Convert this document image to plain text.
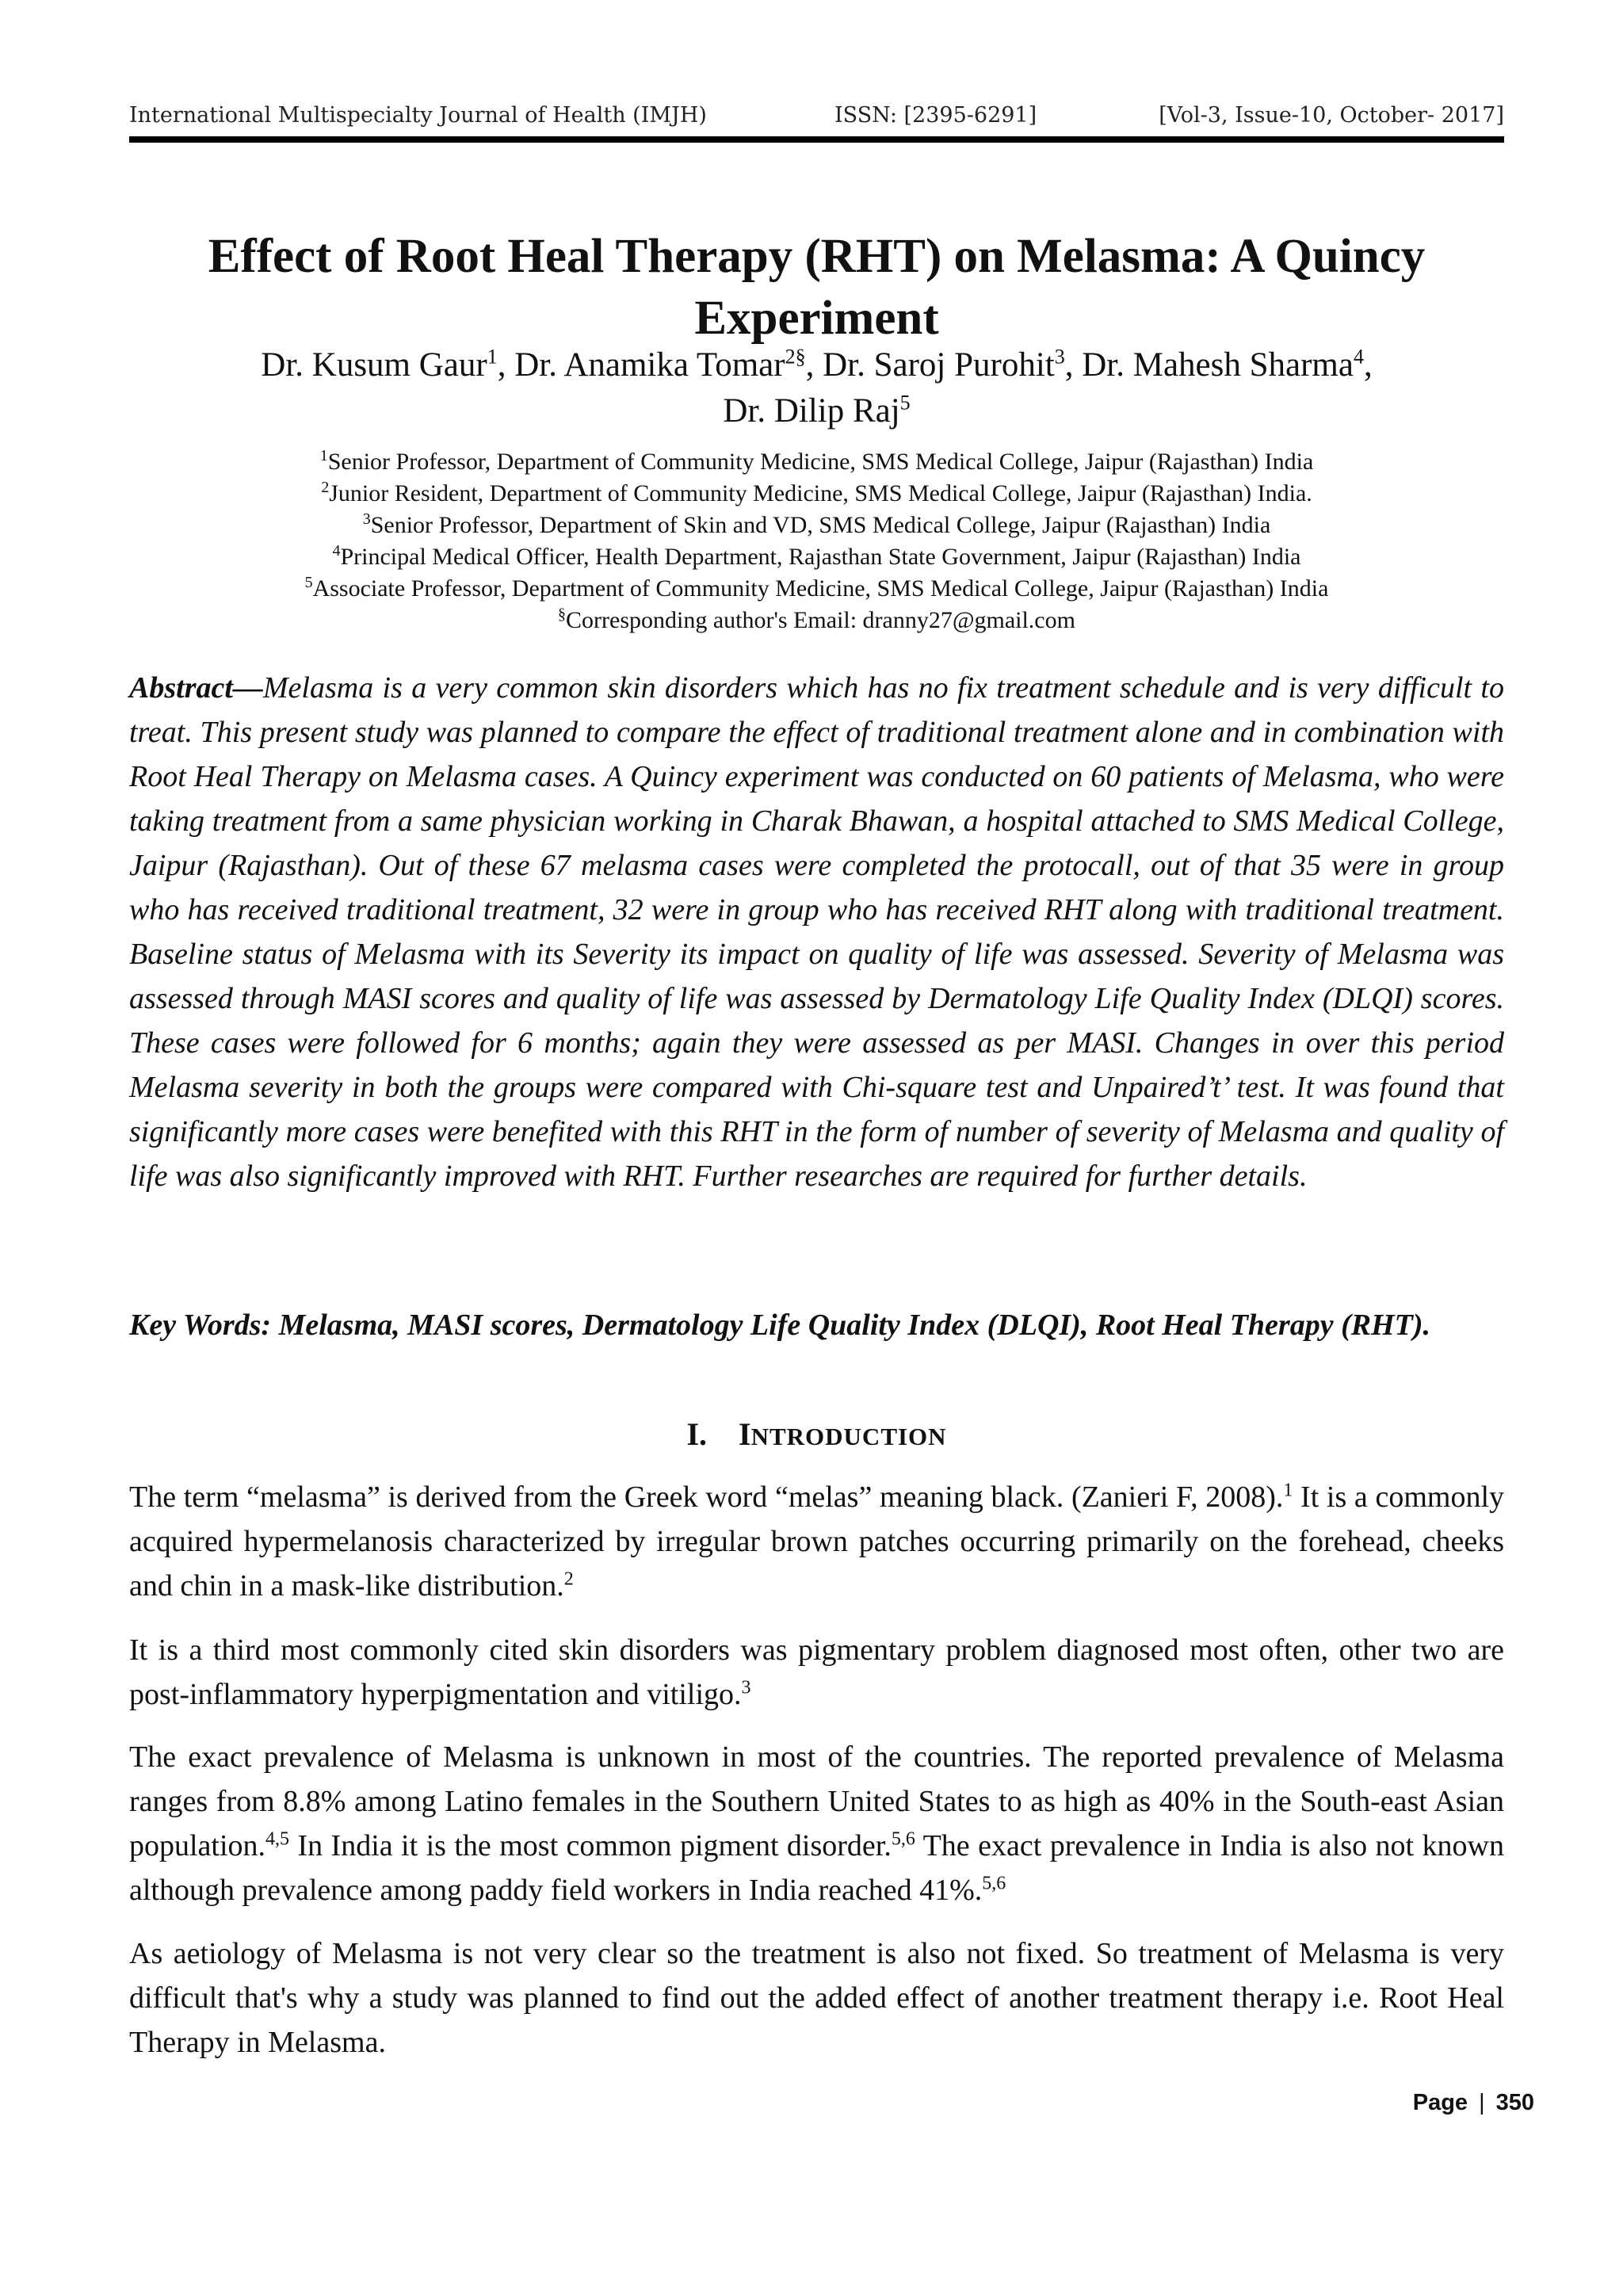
International Multispecialty Journal of Health (IMJH)	ISSN: [2395-6291]	[Vol-3, Issue-10, October- 2017]
Effect of Root Heal Therapy (RHT) on Melasma: A Quincy
Experiment
Dr. Kusum Gaur$^1$, Dr. Anamika Tomar$^{2\S}$, Dr. Saroj Purohit$^3$, Dr. Mahesh Sharma$^4$,
Dr. Dilip Raj$^5$
$^1$Senior Professor, Department of Community Medicine, SMS Medical College, Jaipur (Rajasthan) India
$^2$Junior Resident, Department of Community Medicine, SMS Medical College, Jaipur (Rajasthan) India.
$^3$Senior Professor, Department of Skin and VD, SMS Medical College, Jaipur (Rajasthan) India
$^4$Principal Medical Officer, Health Department, Rajasthan State Government, Jaipur (Rajasthan) India
$^5$Associate Professor, Department of Community Medicine, SMS Medical College, Jaipur (Rajasthan) India
§Corresponding author's Email: dranny27@gmail.com

Abstract—Melasma is a very common skin disorders which has no fix treatment schedule and is very difficult to treat. This present study was planned to compare the effect of traditional treatment alone and in combination with Root Heal Therapy on Melasma cases. A Quincy experiment was conducted on 60 patients of Melasma, who were taking treatment from a same physician working in Charak Bhawan, a hospital attached to SMS Medical College, Jaipur (Rajasthan). Out of these 67 melasma cases were completed the protocall, out of that 35 were in group who has received traditional treatment, 32 were in group who has received RHT along with traditional treatment. Baseline status of Melasma with its Severity its impact on quality of life was assessed. Severity of Melasma was assessed through MASI scores and quality of life was assessed by Dermatology Life Quality Index (DLQI) scores. These cases were followed for 6 months; again they were assessed as per MASI. Changes in over this period Melasma severity in both the groups were compared with Chi-square test and Unpaired’t’ test. It was found that significantly more cases were benefited with this RHT in the form of number of severity of Melasma and quality of life was also significantly improved with RHT. Further researches are required for further details.

Key Words: Melasma, MASI scores, Dermatology Life Quality Index (DLQI), Root Heal Therapy (RHT).

I. INTRODUCTION

The term “melasma” is derived from the Greek word “melas” meaning black. (Zanieri F, 2008).$^1$ It is a commonly acquired hypermelanosis characterized by irregular brown patches occurring primarily on the forehead, cheeks and chin in a mask-like distribution.$^2$

It is a third most commonly cited skin disorders was pigmentary problem diagnosed most often, other two are post-inflammatory hyperpigmentation and vitiligo.$^3$

The exact prevalence of Melasma is unknown in most of the countries. The reported prevalence of Melasma ranges from 8.8% among Latino females in the Southern United States to as high as 40% in the South-east Asian population.$^{4,5}$ In India it is the most common pigment disorder.$^{5,6}$ The exact prevalence in India is also not known although prevalence among paddy field workers in India reached 41%.$^{5,6}$

As aetiology of Melasma is not very clear so the treatment is also not fixed. So treatment of Melasma is very difficult that's why a study was planned to find out the added effect of another treatment therapy i.e. Root Heal Therapy in Melasma.

Page | 350
